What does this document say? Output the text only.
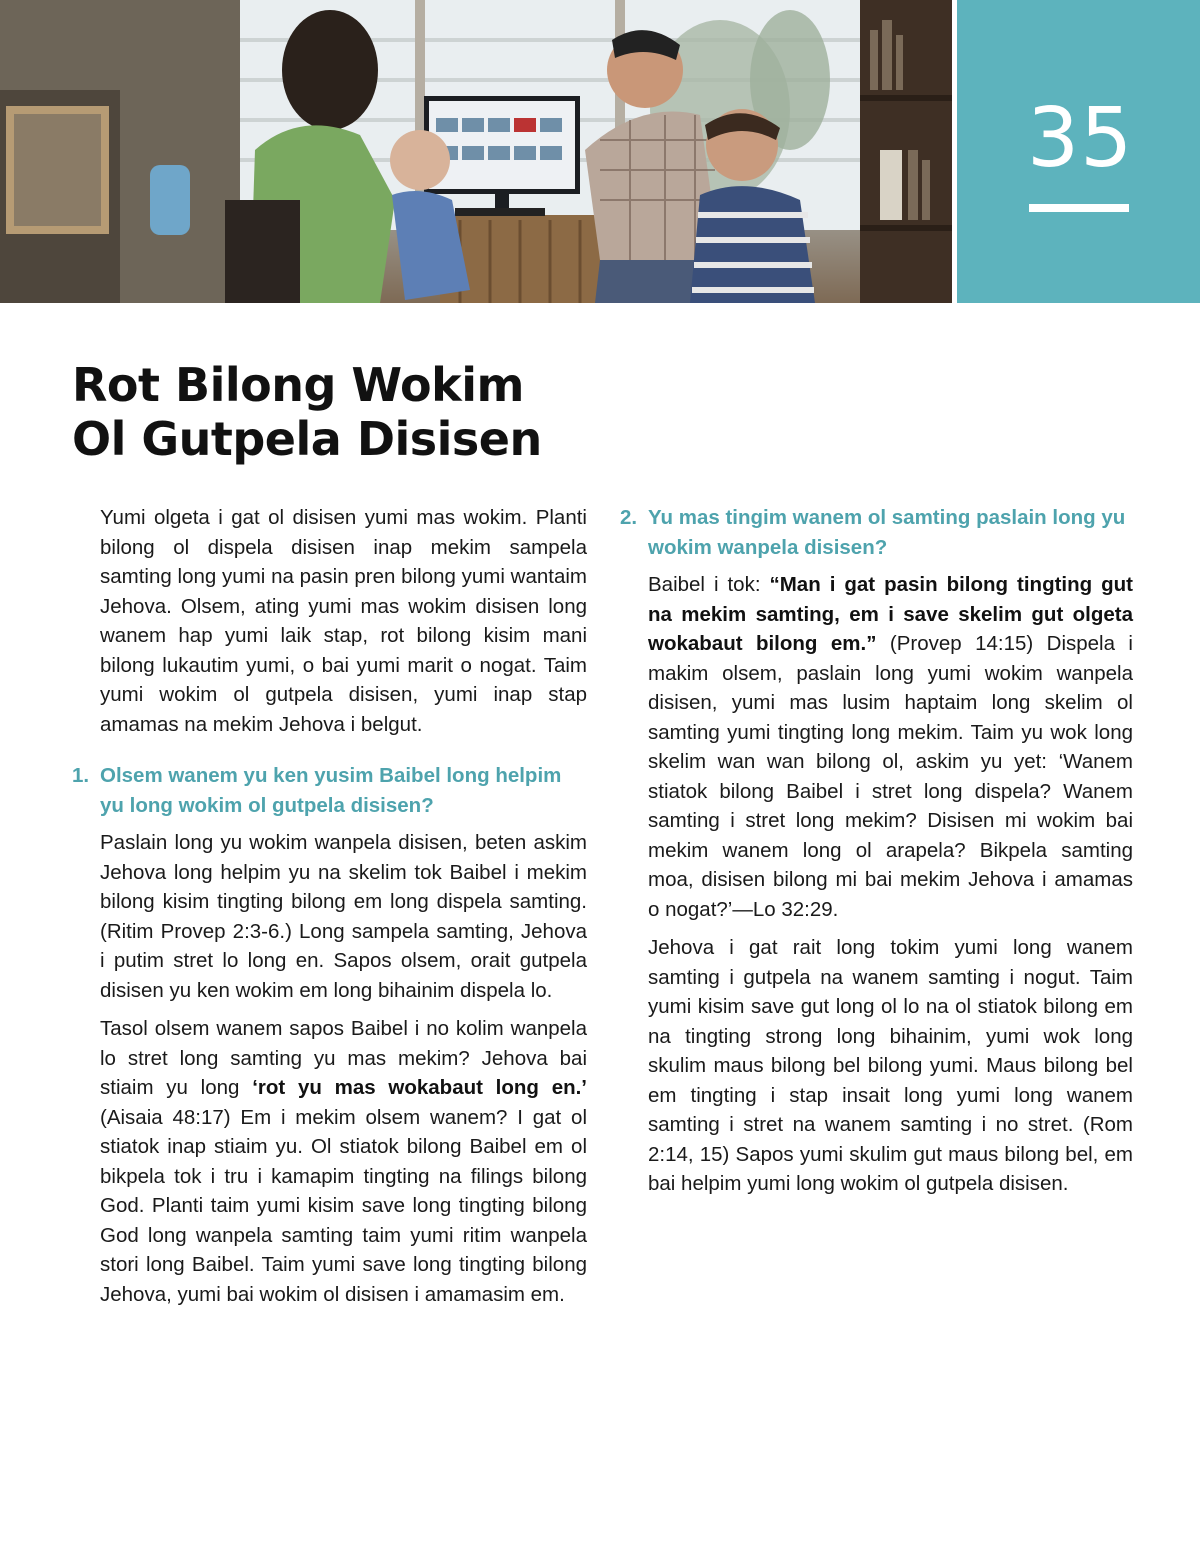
35
Rot Bilong Wokim
Ol Gutpela Disisen

Yumi olgeta i gat ol disisen yumi mas wokim. Planti bilong ol dispela disisen inap mekim sampela samting long yumi na pasin pren bilong yumi wantaim Jehova. Olsem, ating yumi mas wokim disisen long wanem hap yumi laik stap, rot bilong kisim mani bilong lukautim yumi, o bai yumi marit o nogat. Taim yumi wokim ol gutpela disisen, yumi inap stap amamas na mekim Jehova i belgut.

1. Olsem wanem yu ken yusim Baibel long helpim yu long wokim ol gutpela disisen?

Paslain long yu wokim wanpela disisen, beten askim Jehova long helpim yu na skelim tok Baibel i mekim bilong kisim tingting bilong em long dispela samting. (Ritim Provep 2:3-6.) Long sampela samting, Jehova i putim stret lo long en. Sapos olsem, orait gutpela disisen yu ken wokim em long bihainim dispela lo.

Tasol olsem wanem sapos Baibel i no kolim wanpela lo stret long samting yu mas mekim? Jehova bai stiaim yu long ‘rot yu mas wokabaut long en.’ (Aisaia 48:17) Em i mekim olsem wanem? I gat ol stiatok inap stiaim yu. Ol stiatok bilong Baibel em ol bikpela tok i tru i kamapim tingting na filings bilong God. Planti taim yumi kisim save long tingting bilong God long wanpela samting taim yumi ritim wanpela stori long Baibel. Taim yumi save long tingting bilong Jehova, yumi bai wokim ol disisen i amamasim em.

2. Yu mas tingim wanem ol samting paslain long yu wokim wanpela disisen?

Baibel i tok: “Man i gat pasin bilong tingting gut na mekim samting, em i save skelim gut olgeta wokabaut bilong em.” (Provep 14:15) Dispela i makim olsem, paslain long yumi wokim wanpela disisen, yumi mas lusim haptaim long skelim ol samting yumi tingting long mekim. Taim yu wok long skelim wan wan bilong ol, askim yu yet: ‘Wanem stiatok bilong Baibel i stret long dispela? Wanem samting i stret long mekim? Disisen mi wokim bai mekim wanem long ol arapela? Bikpela samting moa, disisen bilong mi bai mekim Jehova i amamas o nogat?’—Lo 32:29.

Jehova i gat rait long tokim yumi long wanem samting i gutpela na wanem samting i nogut. Taim yumi kisim save gut long ol lo na ol stiatok bilong em na tingting strong long bihainim, yumi wok long skulim maus bilong bel bilong yumi. Maus bilong bel em tingting i stap insait long yumi long wanem samting i stret na wanem samting i no stret. (Rom 2:14, 15) Sapos yumi skulim gut maus bilong bel, em bai helpim yumi long wokim ol gutpela disisen.
